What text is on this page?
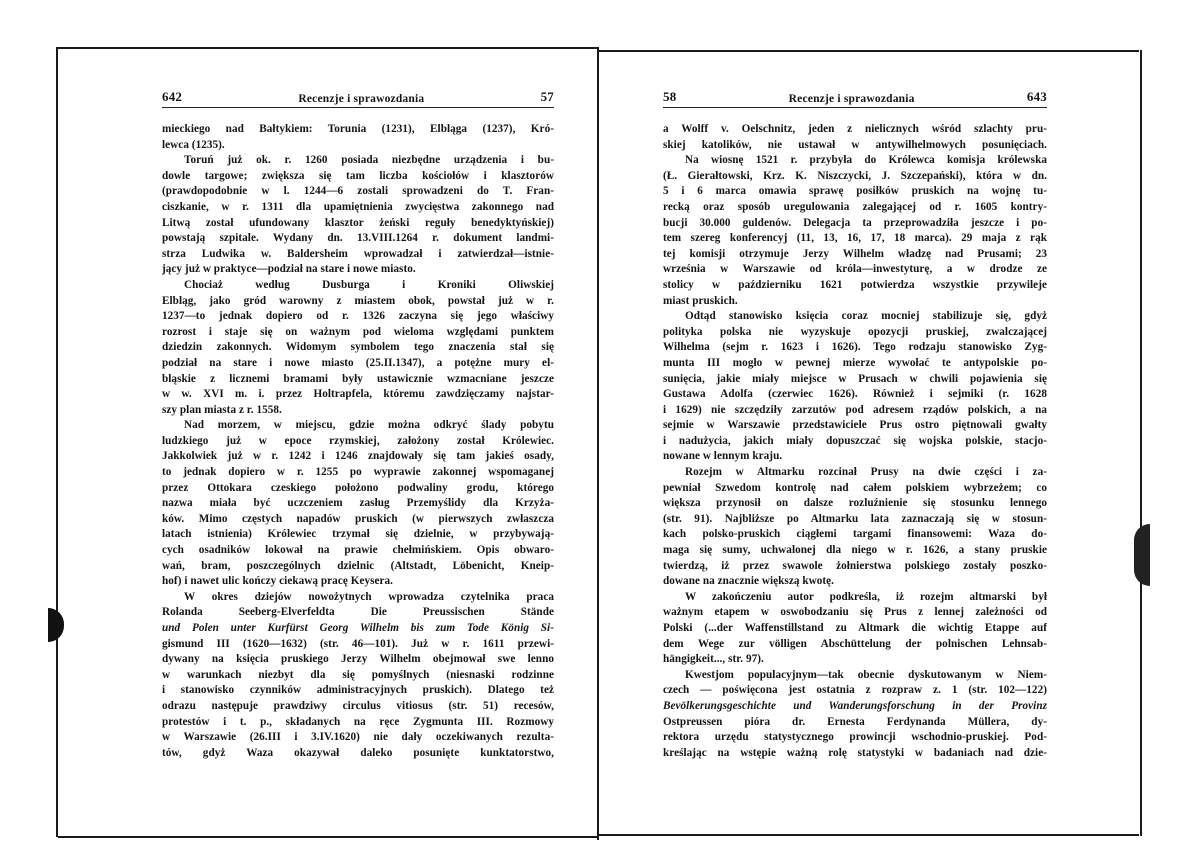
642	Recenzje i sprawozdania	57
mieckiego nad Bałtykiem: Torunia (1231), Elbląga (1237), Kró-
lewca (1235).
Toruń już ok. r. 1260 posiada niezbędne urządzenia i bu-
dowle targowe; zwiększa się tam liczba kościołów i klasztorów
(prawdopodobnie w l. 1244—6 zostali sprowadzeni do T. Fran-
ciszkanie, w r. 1311 dla upamiętnienia zwycięstwa zakonnego nad
Litwą został ufundowany klasztor żeński reguły benedyktyńskiej)
powstają szpitale. Wydany dn. 13.VIII.1264 r. dokument landmi-
strza Ludwika w. Baldersheim wprowadzał i zatwierdzał—istnie-
jący już w praktyce—podział na stare i nowe miasto.
Chociaż według Dusburga i Kroniki Oliwskiej
Elbląg, jako gród warowny z miastem obok, powstał już w r.
1237—to jednak dopiero od r. 1326 zaczyna się jego właściwy
rozrost i staje się on ważnym pod wieloma względami punktem
dziedzin zakonnych. Widomym symbolem tego znaczenia stał się
podział na stare i nowe miasto (25.II.1347), a potężne mury el-
bląskie z licznemi bramami były ustawicznie wzmacniane jeszcze
w w. XVI m. i. przez Holtrapfela, któremu zawdzięczamy najstar-
szy plan miasta z r. 1558.
Nad morzem, w miejscu, gdzie można odkryć ślady pobytu
ludzkiego już w epoce rzymskiej, założony został Królewiec.
Jakkolwiek już w r. 1242 i 1246 znajdowały się tam jakieś osady,
to jednak dopiero w r. 1255 po wyprawie zakonnej wspomaganej
przez Ottokara czeskiego położono podwaliny grodu, którego
nazwa miała być uczczeniem zasług Przemyślidy dla Krzyża-
ków. Mimo częstych napadów pruskich (w pierwszych zwłaszcza
latach istnienia) Królewiec trzymał się dzielnie, w przybywają-
cych osadników lokował na prawie chełmińskiem. Opis obwaro-
wań, bram, poszczególnych dzielnic (Altstadt, Löbenicht, Kneip-
hof) i nawet ulic kończy ciekawą pracę Keysera.
W okres dziejów nowożytnych wprowadza czytelnika praca
Rolanda Seeberg-Elverfeldta Die Preussischen Stände
und Polen unter Kurfürst Georg Wilhelm bis zum Tode König Si-
gismund III (1620—1632) (str. 46—101). Już w r. 1611 przewi-
dywany na księcia pruskiego Jerzy Wilhelm obejmował swe lenno
w warunkach niezbyt dla się pomyślnych (niesnaski rodzinne
i stanowisko czynników administracyjnych pruskich). Dlatego też
odrazu następuje prawdziwy circulus vitiosus (str. 51) recesów,
protestów i t. p., składanych na ręce Zygmunta III. Rozmowy
w Warszawie (26.III i 3.IV.1620) nie dały oczekiwanych rezulta-
tów, gdyż Waza okazywał daleko posunięte kunktatorstwo,
58	Recenzje i sprawozdania	643
a Wolff v. Oelschnitz, jeden z nielicznych wśród szlachty pru-
skiej katolików, nie ustawał w antywilhelmowych posunięciach.
Na wiosnę 1521 r. przybyła do Królewca komisja królewska
(Ł. Gierałtowski, Krz. K. Niszczycki, J. Szczepański), która w dn.
5 i 6 marca omawia sprawę posiłków pruskich na wojnę tu-
recką oraz sposób uregulowania zalegającej od r. 1605 kontry-
bucji 30.000 guldenów. Delegacja ta przeprowadziła jeszcze i po-
tem szereg konferencyj (11, 13, 16, 17, 18 marca). 29 maja z rąk
tej komisji otrzymuje Jerzy Wilhelm władzę nad Prusami; 23
września w Warszawie od króla—inwestyturę, a w drodze ze
stolicy w październiku 1621 potwierdza wszystkie przywileje
miast pruskich.
Odtąd stanowisko księcia coraz mocniej stabilizuje się, gdyż
polityka polska nie wyzyskuje opozycji pruskiej, zwalczającej
Wilhelma (sejm r. 1623 i 1626). Tego rodzaju stanowisko Zyg-
munta III mogło w pewnej mierze wywołać te antypolskie po-
sunięcia, jakie miały miejsce w Prusach w chwili pojawienia się
Gustawa Adolfa (czerwiec 1626). Również i sejmiki (r. 1628
i 1629) nie szczędziły zarzutów pod adresem rządów polskich, a na
sejmie w Warszawie przedstawiciele Prus ostro piętnowali gwałty
i nadużycia, jakich miały dopuszczać się wojska polskie, stacjo-
nowane w lennym kraju.
Rozejm w Altmarku rozcinał Prusy na dwie części i za-
pewniał Szwedom kontrolę nad całem polskiem wybrzeżem; co
większa przynosił on dalsze rozluźnienie się stosunku lennego
(str. 91). Najbliższe po Altmarku lata zaznaczają się w stosun-
kach polsko-pruskich ciągłemi targami finansowemi: Waza do-
maga się sumy, uchwalonej dla niego w r. 1626, a stany pruskie
twierdzą, iż przez swawole żołnierstwa polskiego zostały poszko-
dowane na znacznie większą kwotę.
W zakończeniu autor podkreśla, iż rozejm altmarski był
ważnym etapem w oswobodzaniu się Prus z lennej zależności od
Polski (...der Waffenstillstand zu Altmark die wichtig Etappe auf
dem Wege zur völligen Abschüttelung der polnischen Lehnsab-
hängigkeit..., str. 97).
Kwestjom populacyjnym—tak obecnie dyskutowanym w Niem-
czech — poświęcona jest ostatnia z rozpraw z. 1 (str. 102—122)
Bevölkerungsgeschichte und Wanderungsforschung in der Provinz
Ostpreussen pióra dr. Ernesta Ferdynanda Müllera, dy-
rektora urzędu statystycznego prowincji wschodnio-pruskiej. Pod-
kreślając na wstępie ważną rolę statystyki w badaniach nad dzie-
